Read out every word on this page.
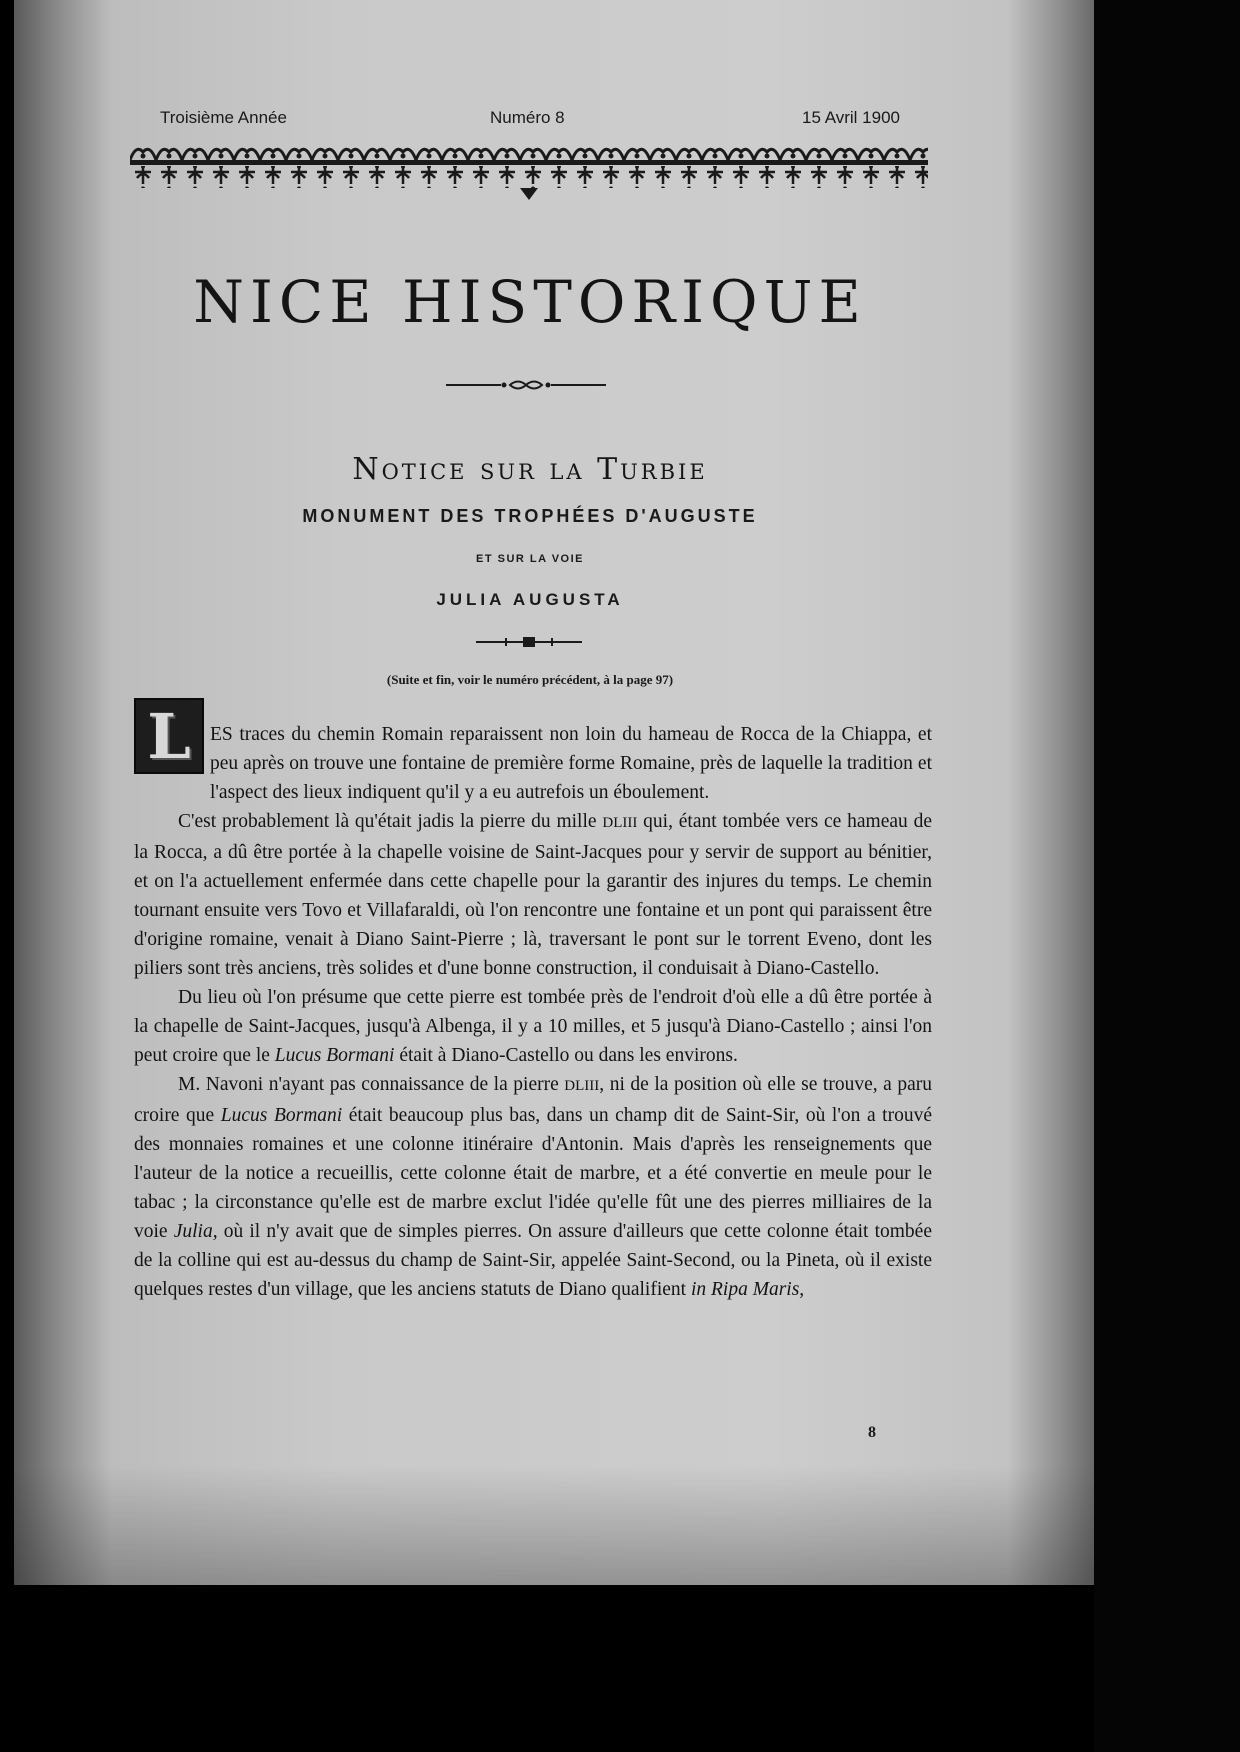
Troisième Année	Numéro 8	15 Avril 1900
NICE HISTORIQUE
Notice sur la Turbie
MONUMENT DES TROPHÉES D'AUGUSTE
ET SUR LA VOIE
JULIA AUGUSTA
(Suite et fin, voir le numéro précédent, à la page 97)
L ES traces du chemin Romain reparaissent non loin du hameau de Rocca de la Chiappa, et peu après on trouve une fontaine de première forme Romaine, près de laquelle la tradition et l'aspect des lieux indiquent qu'il y a eu autrefois un éboulement.

C'est probablement là qu'était jadis la pierre du mille DLIII qui, étant tombée vers ce hameau de la Rocca, a dû être portée à la chapelle voisine de Saint-Jacques pour y servir de support au bénitier, et on l'a actuellement enfermée dans cette chapelle pour la garantir des injures du temps. Le chemin tournant ensuite vers Tovo et Villafaraldi, où l'on rencontre une fontaine et un pont qui paraissent être d'origine romaine, venait à Diano Saint-Pierre ; là, traversant le pont sur le torrent Eveno, dont les piliers sont très anciens, très solides et d'une bonne construction, il conduisait à Diano-Castello.

Du lieu où l'on présume que cette pierre est tombée près de l'endroit d'où elle a dû être portée à la chapelle de Saint-Jacques, jusqu'à Albenga, il y a 10 milles, et 5 jusqu'à Diano-Castello ; ainsi l'on peut croire que le Lucus Bormani était à Diano-Castello ou dans les environs.

M. Navoni n'ayant pas connaissance de la pierre DLIII, ni de la position où elle se trouve, a paru croire que Lucus Bormani était beaucoup plus bas, dans un champ dit de Saint-Sir, où l'on a trouvé des monnaies romaines et une colonne itinéraire d'Antonin. Mais d'après les renseignements que l'auteur de la notice a recueillis, cette colonne était de marbre, et a été convertie en meule pour le tabac ; la circonstance qu'elle est de marbre exclut l'idée qu'elle fût une des pierres milliaires de la voie Julia, où il n'y avait que de simples pierres. On assure d'ailleurs que cette colonne était tombée de la colline qui est au-dessus du champ de Saint-Sir, appelée Saint-Second, ou la Pineta, où il existe quelques restes d'un village, que les anciens statuts de Diano qualifient in Ripa Maris,

8
